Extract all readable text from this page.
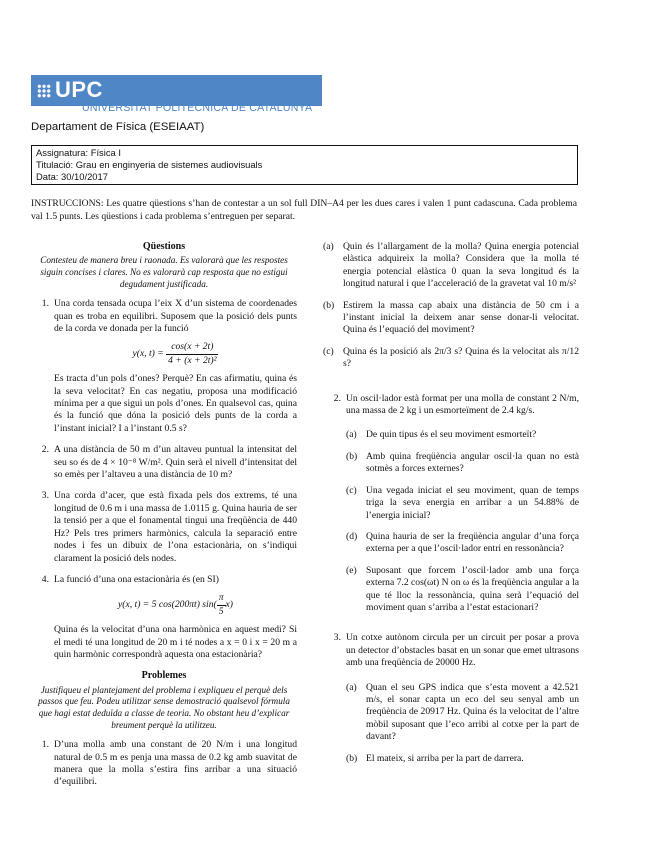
UPC
UNIVERSITAT POLITÈCNICA DE CATALUNYA
Departament de Física (ESEIAAT)
Assignatura: Física I
Titulació: Grau en enginyeria de sistemes audiovisuals
Data: 30/10/2017
INSTRUCCIONS: Les quatre qüestions s’han de contestar a un sol full DIN–A4 per les dues cares i valen 1 punt cadascuna. Cada problema val 1.5 punts. Les qüestions i cada problema s’entreguen per separat.
Qüestions
Contesteu de manera breu i raonada. Es valorarà que les respostes siguin concises i clares. No es valorarà cap resposta que no estigui degudament justificada.
1. Una corda tensada ocupa l’eix X d’un sistema de coordenades quan es troba en equilibri. Suposem que la posició dels punts de la corda ve donada per la funció
y(x, $t) = \frac{\cos(x + 2t)}{\text{4 + (x + 2t)²}}$
Es tracta d’un pols d’ones? Perquè? En cas afirmatiu, quina és la seva velocitat? En cas negatiu, proposa una modificació mínima per a que sigui un pols d’ones. En qualsevol cas, quina és la funció que dóna la posició dels punts de la corda a l’instant inicial? I a l’instant 0.5 s?
2. A una distància de 50 m d’un altaveu puntual la intensitat del seu so és de 4 × 10⁻⁸ W/m². Quin serà el nivell d’intensitat del so emès per l’altaveu a una distància de 10 m?
3. Una corda d’acer, que està fixada pels dos extrems, té una longitud de 0.6 m i una massa de 1.0115 g. Quina hauria de ser la tensió per a que el fonamental tingui una freqüència de 440 Hz? Pels tres primers harmònics, calcula la separació entre nodes i fes un dibuix de l’ona estacionària, on s’indiqui clarament la posició dels nodes.
4. La funció d’una ona estacionària és (en SI)
y(x, t) = 5 cos(200πt) $\sin( \frac{\pi}{5} x)$
Quina és la velocitat d’una ona harmònica en aquest medi? Si el medi té una longitud de 20 m i té nodes a x = 0 i x = 20 m a quin harmònic correspondrà aquesta ona estacionària?
Problemes
Justifiqueu el plantejament del problema i expliqueu el perquè dels passos que feu. Podeu utilitzar sense demostració qualsevol fórmula que hagi estat deduïda a classe de teoria. No obstant heu d’explicar breument perquè la utilitzeu.
1. D’una molla amb una constant de 20 N/m i una longitud natural de 0.5 m es penja una massa de 0.2 kg amb suavitat de manera que la molla s’estira fins arribar a una situació d’equilibri.
(a) Quin és l’allargament de la molla? Quina energia potencial elàstica adquireix la molla? Considera que la molla té energia potencial elàstica 0 quan la seva longitud és la longitud natural i que l’acceleració de la gravetat val 10 m/s²
(b) Estirem la massa cap abaix una distància de 50 cm i a l’instant inicial la deixem anar sense donar-li velocitat. Quina és l’equació del moviment?
(c) Quina és la posició als 2π/3 s? Quina és la velocitat als π/12 s?
2. Un oscil·lador està format per una molla de constant 2 N/m, una massa de 2 kg i un esmorteïment de 2.4 kg/s.
(a) De quin tipus és el seu moviment esmorteït?
(b) Amb quina freqüència angular oscil·la quan no està sotmès a forces externes?
(c) Una vegada iniciat el seu moviment, quan de temps triga la seva energia en arribar a un 54.88% de l’energia inicial?
(d) Quina hauria de ser la freqüència angular d’una força externa per a que l’oscil·lador entri en ressonància?
(e) Suposant que forcem l’oscil·lador amb una força externa 7.2 cos(ωt) N on ω és la freqüència angular a la que té lloc la ressonància, quina serà l’equació del moviment quan s’arriba a l’estat estacionari?
3. Un cotxe autònom circula per un circuit per posar a prova un detector d’obstacles basat en un sonar que emet ultrasons amb una freqüència de 20000 Hz.
(a) Quan el seu GPS indica que s’esta movent a 42.521 m/s, el sonar capta un eco del seu senyal amb un freqüència de 20917 Hz. Quina és la velocitat de l’altre mòbil suposant que l’eco arribi al cotxe per la part de davant?
(b) El mateix, si arriba per la part de darrera.
